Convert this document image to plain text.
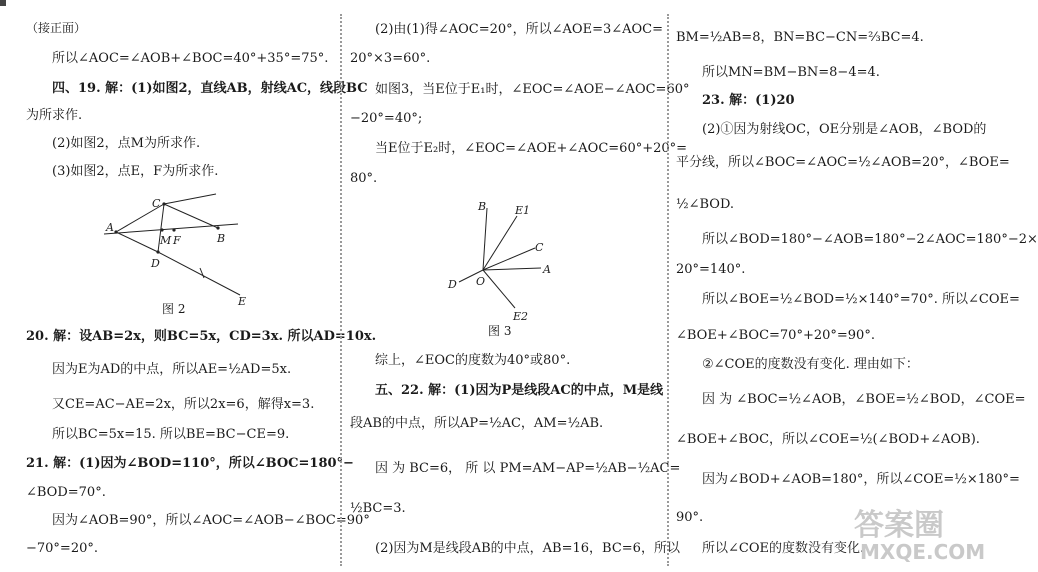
（接正面）
所以∠AOC=∠AOB+∠BOC=40°+35°=75°.
四、19. 解：(1)如图2，直线AB，射线AC，线段BC
为所求作.
(2)如图2，点M为所求作.
(3)如图2，点E，F为所求作.
A
C
M F	B
D
E
图 2
20. 解：设AB=2x，则BC=5x，CD=3x. 所以AD=10x.
因为E为AD的中点，所以AE=½AD=5x.
又CE=AC−AE=2x，所以2x=6，解得x=3.
所以BC=5x=15. 所以BE=BC−CE=9.
21. 解：(1)因为∠BOD=110°，所以∠BOC=180°−
∠BOD=70°.
因为∠AOB=90°，所以∠AOC=∠AOB−∠BOC=90°
−70°=20°.
(2)由(1)得∠AOC=20°，所以∠AOE=3∠AOC=
20°×3=60°.
如图3，当E位于E₁时，∠EOC=∠AOE−∠AOC=60°
−20°=40°;
当E位于E₂时，∠EOC=∠AOE+∠AOC=60°+20°=
80°.
B	E1
C
A
D O
E2
图 3
综上，∠EOC的度数为40°或80°.
五、22. 解：(1)因为P是线段AC的中点，M是线
段AB的中点，所以AP=½AC，AM=½AB.
因 为 BC=6， 所 以 PM=AM−AP=½AB−½AC=
½BC=3.
(2)因为M是线段AB的中点，AB=16，BC=6，所以
BM=½AB=8，BN=BC−CN=⅔BC=4.
所以MN=BM−BN=8−4=4.
23. 解：(1)20
(2)①因为射线OC，OE分别是∠AOB，∠BOD的
平分线，所以∠BOC=∠AOC=½∠AOB=20°，∠BOE=
½∠BOD.
所以∠BOD=180°−∠AOB=180°−2∠AOC=180°−2×
20°=140°.
所以∠BOE=½∠BOD=½×140°=70°. 所以∠COE=
∠BOE+∠BOC=70°+20°=90°.
②∠COE的度数没有变化. 理由如下：
因 为 ∠BOC=½∠AOB，∠BOE=½∠BOD，∠COE=
∠BOE+∠BOC，所以∠COE=½(∠BOD+∠AOB).
因为∠BOD+∠AOB=180°，所以∠COE=½×180°=
90°.
所以∠COE的度数没有变化.
答案圈
MXQE.COM
